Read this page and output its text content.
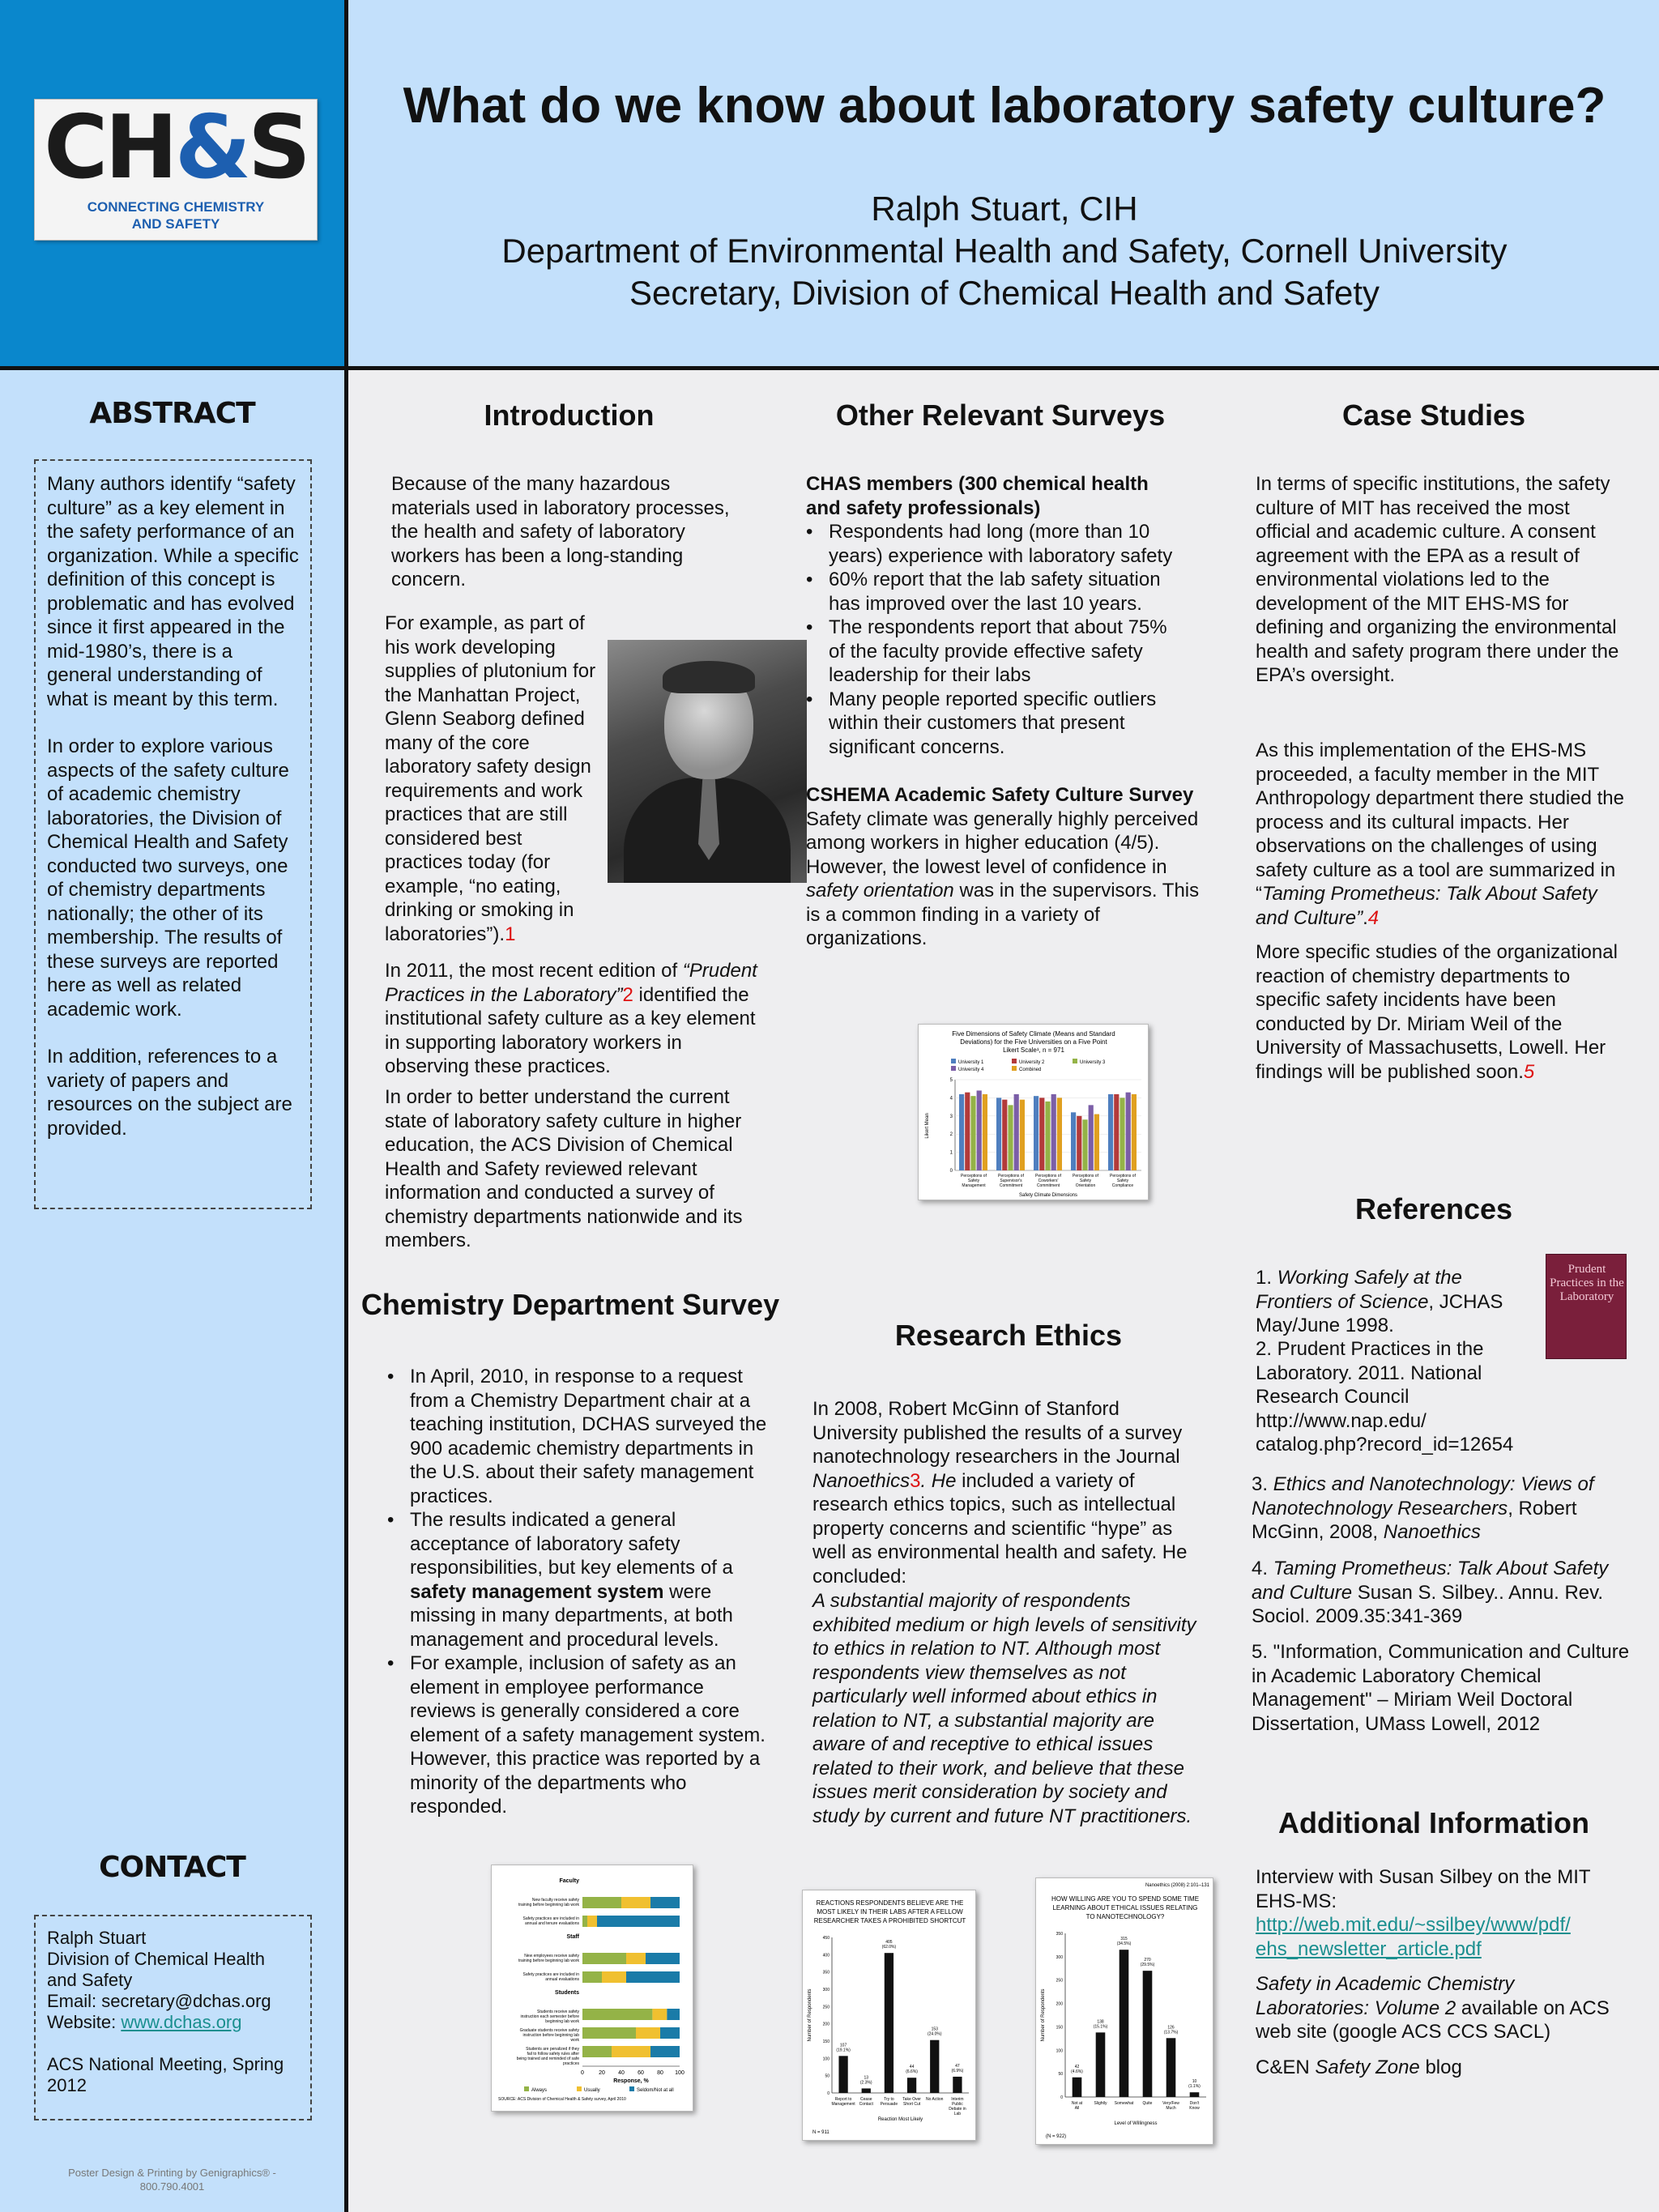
CH&S
CONNECTING CHEMISTRY
AND SAFETY
What do we know about laboratory safety culture?
Ralph Stuart, CIH
Department of Environmental Health and Safety, Cornell University
Secretary, Division of Chemical Health and Safety
ABSTRACT

Many authors identify “safety culture” as a key element in the safety performance of an organization. While a specific definition of this concept is problematic and has evolved since it first appeared in the mid-1980’s, there is a general understanding of what is meant by this term.

In order to explore various aspects of the safety culture of academic chemistry laboratories, the Division of Chemical Health and Safety conducted two surveys, one of chemistry departments nationally; the other of its membership. The results of these surveys are reported here as well as related academic work.

In addition, references to a variety of papers and resources on the subject are provided.

CONTACT
Ralph Stuart
Division of Chemical Health and Safety
Email: secretary@dchas.org
Website: www.dchas.org
ACS National Meeting, Spring 2012
Poster Design & Printing by Genigraphics® -
800.790.4001
Introduction
Because of the many hazardous materials used in laboratory processes, the health and safety of laboratory workers has been a long-standing concern.
For example, as part of his work developing supplies of plutonium for the Manhattan Project, Glenn Seaborg defined many of the core laboratory safety design requirements and work practices that are still considered best practices today (for example, “no eating, drinking or smoking in laboratories”).1
In 2011, the most recent edition of “Prudent Practices in the Laboratory”2 identified the institutional safety culture as a key element in supporting laboratory workers in observing these practices.
In order to better understand the current state of laboratory safety culture in higher education, the ACS Division of Chemical Health and Safety reviewed relevant information and conducted a survey of chemistry departments nationwide and its members.
Chemistry Department Survey
• In April, 2010, in response to a request from a Chemistry Department chair at a teaching institution, DCHAS surveyed the 900 academic chemistry departments in the U.S. about their safety management practices.
• The results indicated a general acceptance of laboratory safety responsibilities, but key elements of a safety management system were missing in many departments, at both management and procedural levels.
• For example, inclusion of safety as an element in employee performance reviews is generally considered a core element of a safety management system. However, this practice was reported by a minority of the departments who responded.
Faculty
New faculty receive safety
training before beginning lab work
Safety practices are included in
annual and tenure evaluations
Staff
New employees receive safety
training before beginning lab work
Safety practices are included in
annual evaluations
Students
Students receive safety
instruction each semester before
beginning lab work
Graduate students receive safety
instruction before beginning lab
work
Students are penalized if they
fail to follow safety rules after
being trained and reminded of safe
practices
0	20 40 60 80 100
Response, %
Always	Usually	Seldom/Not at all
SOURCE: ACS Division of Chemical Health & Safety survey, April 2010
Other Relevant Surveys
CHAS members (300 chemical health and safety professionals)
• Respondents had long (more than 10 years) experience with laboratory safety
• 60% report that the lab safety situation has improved over the last 10 years.
• The respondents report that about 75% of the faculty provide effective safety leadership for their labs
• Many people reported specific outliers within their customers that present significant concerns.
CSHEMA Academic Safety Culture Survey
Safety climate was generally highly perceived among workers in higher education (4/5). However, the lowest level of confidence in safety orientation was in the supervisors. This is a common finding in a variety of organizations.
Five Dimensions of Safety Climate (Means and Standard
Deviations) for the Five Universities on a Five Point
Likert Scale¹, n = 971
University 1	University 2	University 3
University 4	Combined
0
1
2
3
4
5
Perceptions of
Safety
Management
Perceptions of
Supervisor's
Commitment
Perceptions of
Coworkers'
Commitment
Perceptions of
Safety
Orientation
Perceptions of
Safety
Compliance
Safety Climate Dimensions
Likert Mean
Research Ethics
In 2008, Robert McGinn of Stanford University published the results of a survey nanotechnology researchers in the Journal Nanoethics3. He included a variety of research ethics topics, such as intellectual property concerns and scientific “hype” as well as environmental health and safety. He concluded:
A substantial majority of respondents exhibited medium or high levels of sensitivity to ethics in relation to NT. Although most respondents view themselves as not particularly well informed about ethics in relation to NT, a substantial majority are aware of and receptive to ethical issues related to their work, and believe that these issues merit consideration by society and study by current and future NT practitioners.
REACTIONS RESPONDENTS BELIEVE ARE THE
MOST LIKELY IN THEIR LABS AFTER A FELLOW
RESEARCHER TAKES A PROHIBITED SHORTCUT
0
50
100
150
200
250
300
350
400
450
107
(19.1%)
Report to
Management
13
(2.3%)
Cease
Contact
405
(62.0%)
Try to
Persuade
44
(6.6%)
Take Over
Short Cut
153
(24.0%)
No Action
47
(6.9%)
Interim
Public
Debate in
Lab
Reaction Most Likely
Number of Respondents
N = 911
Nanoethics (2008) 2:101–131
HOW WILLING ARE YOU TO SPEND SOME TIME
LEARNING ABOUT ETHICAL ISSUES RELATING
TO NANOTECHNOLOGY?
0
50
100
150
200
250
300
350
42
(4.6%)
Not at
All
138
(15.1%)
Slightly
315
(34.5%)
Somewhat
270
(29.5%)
Quite
126
(13.7%)
Very/Few
Much
10
(1.1%)
Don't
Know
Level of Willingness
Number of Respondents
(N = 922)
Case Studies
In terms of specific institutions, the safety culture of MIT has received the most official and academic culture. A consent agreement with the EPA as a result of environmental violations led to the development of the MIT EHS-MS for defining and organizing the environmental health and safety program there under the EPA’s oversight.
As this implementation of the EHS-MS proceeded, a faculty member in the MIT Anthropology department there studied the process and its cultural impacts. Her observations on the challenges of using safety culture as a tool are summarized in “Taming Prometheus: Talk About Safety and Culture”.4
More specific studies of the organizational reaction of chemistry departments to specific safety incidents have been conducted by Dr. Miriam Weil of the University of Massachusetts, Lowell. Her findings will be published soon.5
References
Prudent Practices in the Laboratory
1. Working Safely at the Frontiers of Science, JCHAS May/June 1998.
2. Prudent Practices in the Laboratory. 2011. National Research Council http://www.nap.edu/ catalog.php?record_id=12654
3. Ethics and Nanotechnology: Views of Nanotechnology Researchers, Robert McGinn, 2008, Nanoethics
4. Taming Prometheus: Talk About Safety and Culture Susan S. Silbey.. Annu. Rev. Sociol. 2009.35:341-369
5. "Information, Communication and Culture in Academic Laboratory Chemical Management" – Miriam Weil Doctoral Dissertation, UMass Lowell, 2012
Additional Information
Interview with Susan Silbey on the MIT EHS-MS:
http://web.mit.edu/~ssilbey/www/pdf/ ehs_newsletter_article.pdf
Safety in Academic Chemistry Laboratories: Volume 2 available on ACS web site (google ACS CCS SACL)
C&EN Safety Zone blog
